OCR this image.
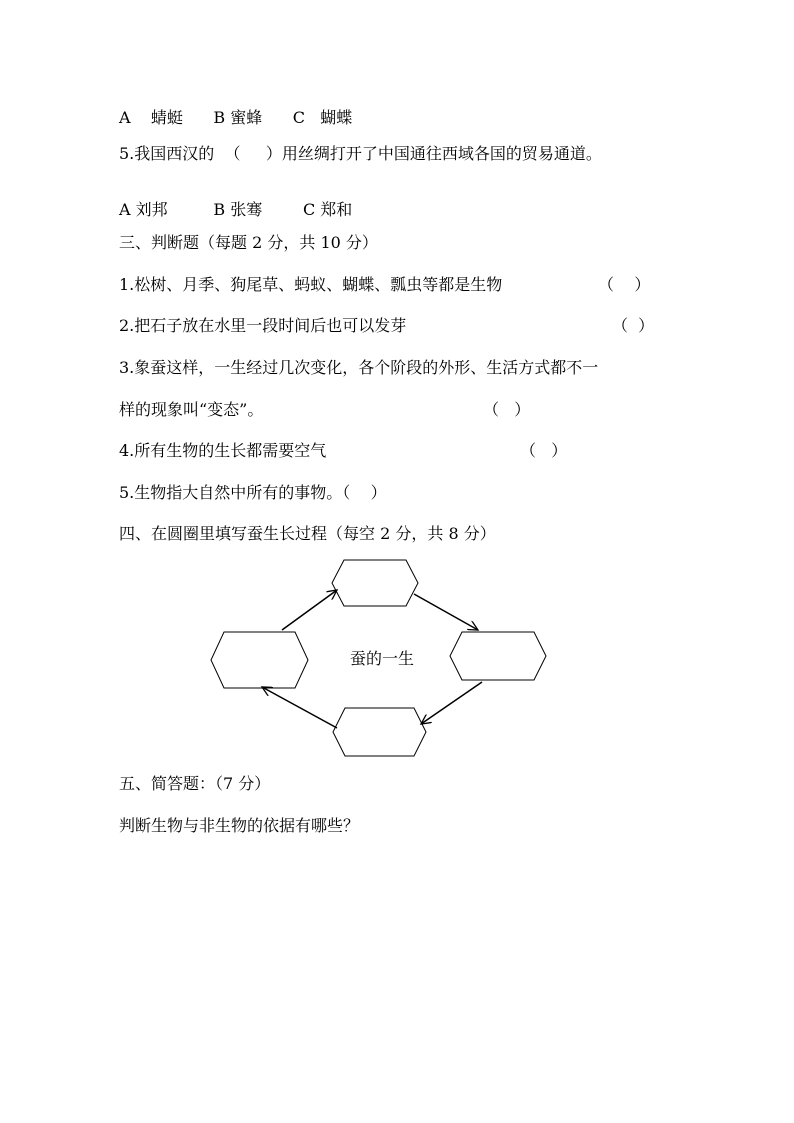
A    蜻蜓      B 蜜蜂      C   蝴蝶
5.我国西汉的  （     ）用丝绸打开了中国通往西域各国的贸易通道。
A 刘邦         B 张骞        C 郑和
三、判断题（每题 2 分，共 10 分）
1.松树、月季、狗尾草、蚂蚁、蝴蝶、瓢虫等都是生物	（    ）
2.把石子放在水里一段时间后也可以发芽	（  ）
3.象蚕这样，一生经过几次变化，各个阶段的外形、生活方式都不一
样的现象叫“变态”。	（   ）
4.所有生物的生长都需要空气	（   ）
5.生物指大自然中所有的事物。（    ）
四、在圆圈里填写蚕生长过程（每空 2 分，共 8 分）
蚕的一生
五、简答题：（7 分）
判断生物与非生物的依据有哪些？
